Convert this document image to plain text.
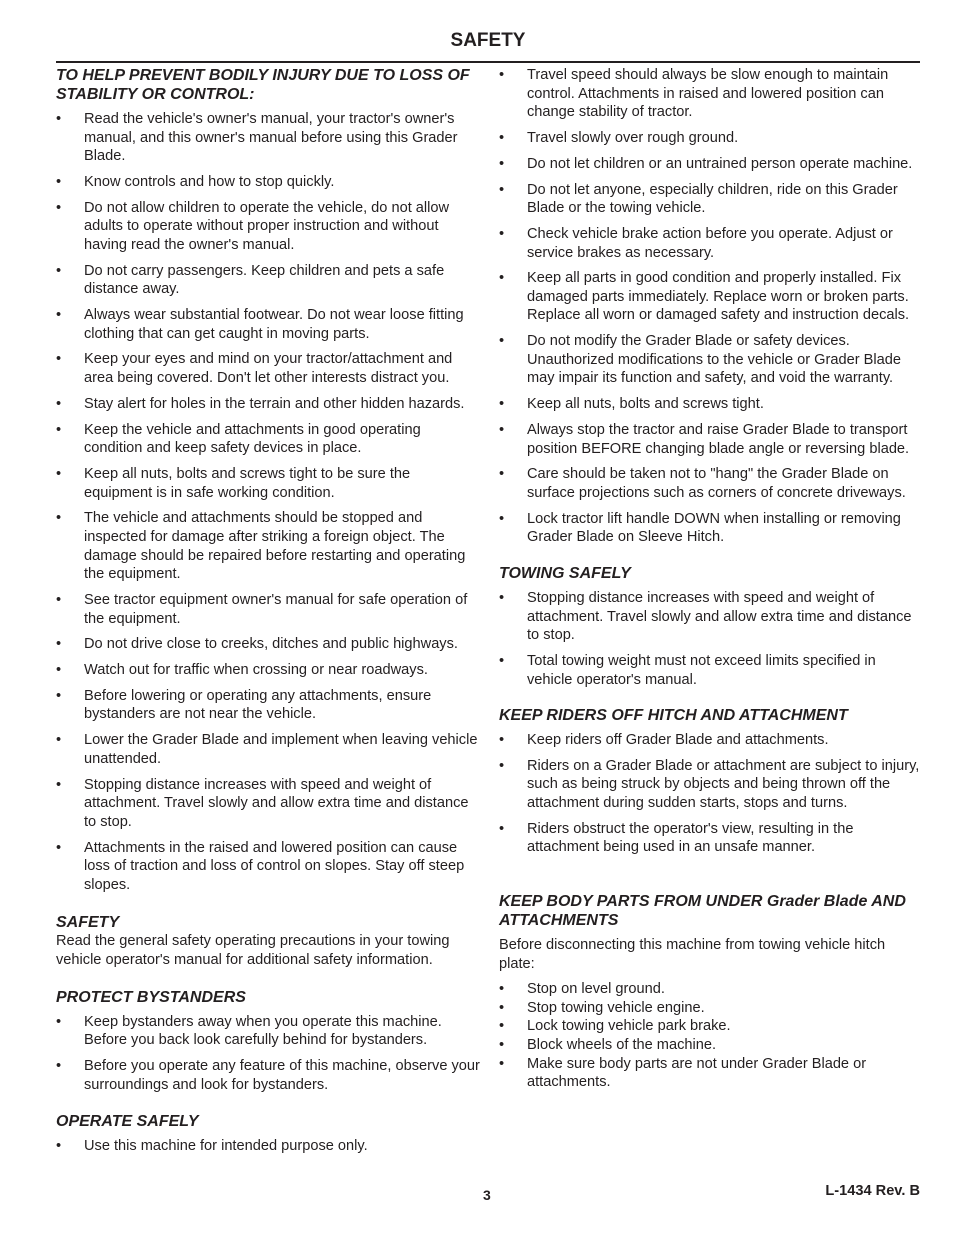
SAFETY
TO HELP PREVENT BODILY INJURY DUE TO LOSS OF STABILITY OR CONTROL:
•	Read the vehicle's owner's manual, your tractor's owner's manual, and this owner's manual before using this Grader Blade.
•	Know controls and how to stop quickly.
•	Do not allow children to operate the vehicle, do not allow adults to operate without proper instruction and without having read the owner's manual.
•	Do not carry passengers. Keep children and pets a safe distance away.
•	Always wear substantial footwear. Do not wear loose fitting clothing that can get caught in moving parts.
•	Keep your eyes and mind on your tractor/attachment and area being covered. Don't let other interests distract you.
•	Stay alert for holes in the terrain and other hidden hazards.
•	Keep the vehicle and attachments in good operating condition and keep safety devices in place.
•	Keep all nuts, bolts and screws tight to be sure the equipment is in safe working condition.
•	The vehicle and attachments should be stopped and inspected for damage after striking a foreign object. The damage should be repaired before restarting and operating the equipment.
•	See tractor equipment owner's manual for safe operation of the equipment.
•	Do not drive close to creeks, ditches and public highways.
•	Watch out for traffic when crossing or near roadways.
•	Before lowering or operating any attachments, ensure bystanders are not near the vehicle.
•	Lower the Grader Blade and implement when leaving vehicle unattended.
•	Stopping distance increases with speed and weight of attachment. Travel slowly and allow extra time and distance to stop.
•	Attachments in the raised and lowered position can cause loss of traction and loss of control on slopes. Stay off steep slopes.
SAFETY

Read the general safety operating precautions in your towing vehicle operator's manual for additional safety information.

PROTECT BYSTANDERS
•	Keep bystanders away when you operate this machine. Before you back look carefully behind for bystanders.
•	Before you operate any feature of this machine, observe your surroundings and look for bystanders.
OPERATE SAFELY
•	Use this machine for intended purpose only.
•	Travel speed should always be slow enough to maintain control. Attachments in raised and lowered position can change stability of tractor.
•	Travel slowly over rough ground.
•	Do not let children or an untrained person operate machine.
•	Do not let anyone, especially children, ride on this Grader Blade or the towing vehicle.
•	Check vehicle brake action before you operate. Adjust or service brakes as necessary.
•	Keep all parts in good condition and properly installed. Fix damaged parts immediately. Replace worn or broken parts. Replace all worn or damaged safety and instruction decals.
•	Do not modify the Grader Blade or safety devices. Unauthorized modifications to the vehicle or Grader Blade may impair its function and safety, and void the warranty.
•	Keep all nuts, bolts and screws tight.
•	Always stop the tractor and raise Grader Blade to transport position BEFORE changing blade angle or reversing blade.
•	Care should be taken not to "hang" the Grader Blade on surface projections such as corners of concrete driveways.
•	Lock tractor lift handle DOWN when installing or removing Grader Blade on Sleeve Hitch.
TOWING SAFELY
•	Stopping distance increases with speed and weight of attachment. Travel slowly and allow extra time and distance to stop.
•	Total towing weight must not exceed limits specified in vehicle operator's manual.
KEEP RIDERS OFF HITCH AND ATTACHMENT
•	Keep riders off Grader Blade and attachments.
•	Riders on a Grader Blade or attachment are subject to injury, such as being struck by objects and being thrown off the attachment during sudden starts, stops and turns.
•	Riders obstruct the operator's view, resulting in the attachment being used in an unsafe manner.
KEEP BODY PARTS FROM UNDER Grader Blade AND ATTACHMENTS

Before disconnecting this machine from towing vehicle hitch plate:

•	Stop on level ground.
•	Stop towing vehicle engine.
•	Lock towing vehicle park brake.
•	Block wheels of the machine.
•	Make sure body parts are not under Grader Blade or attachments.
3	L-1434 Rev. B
